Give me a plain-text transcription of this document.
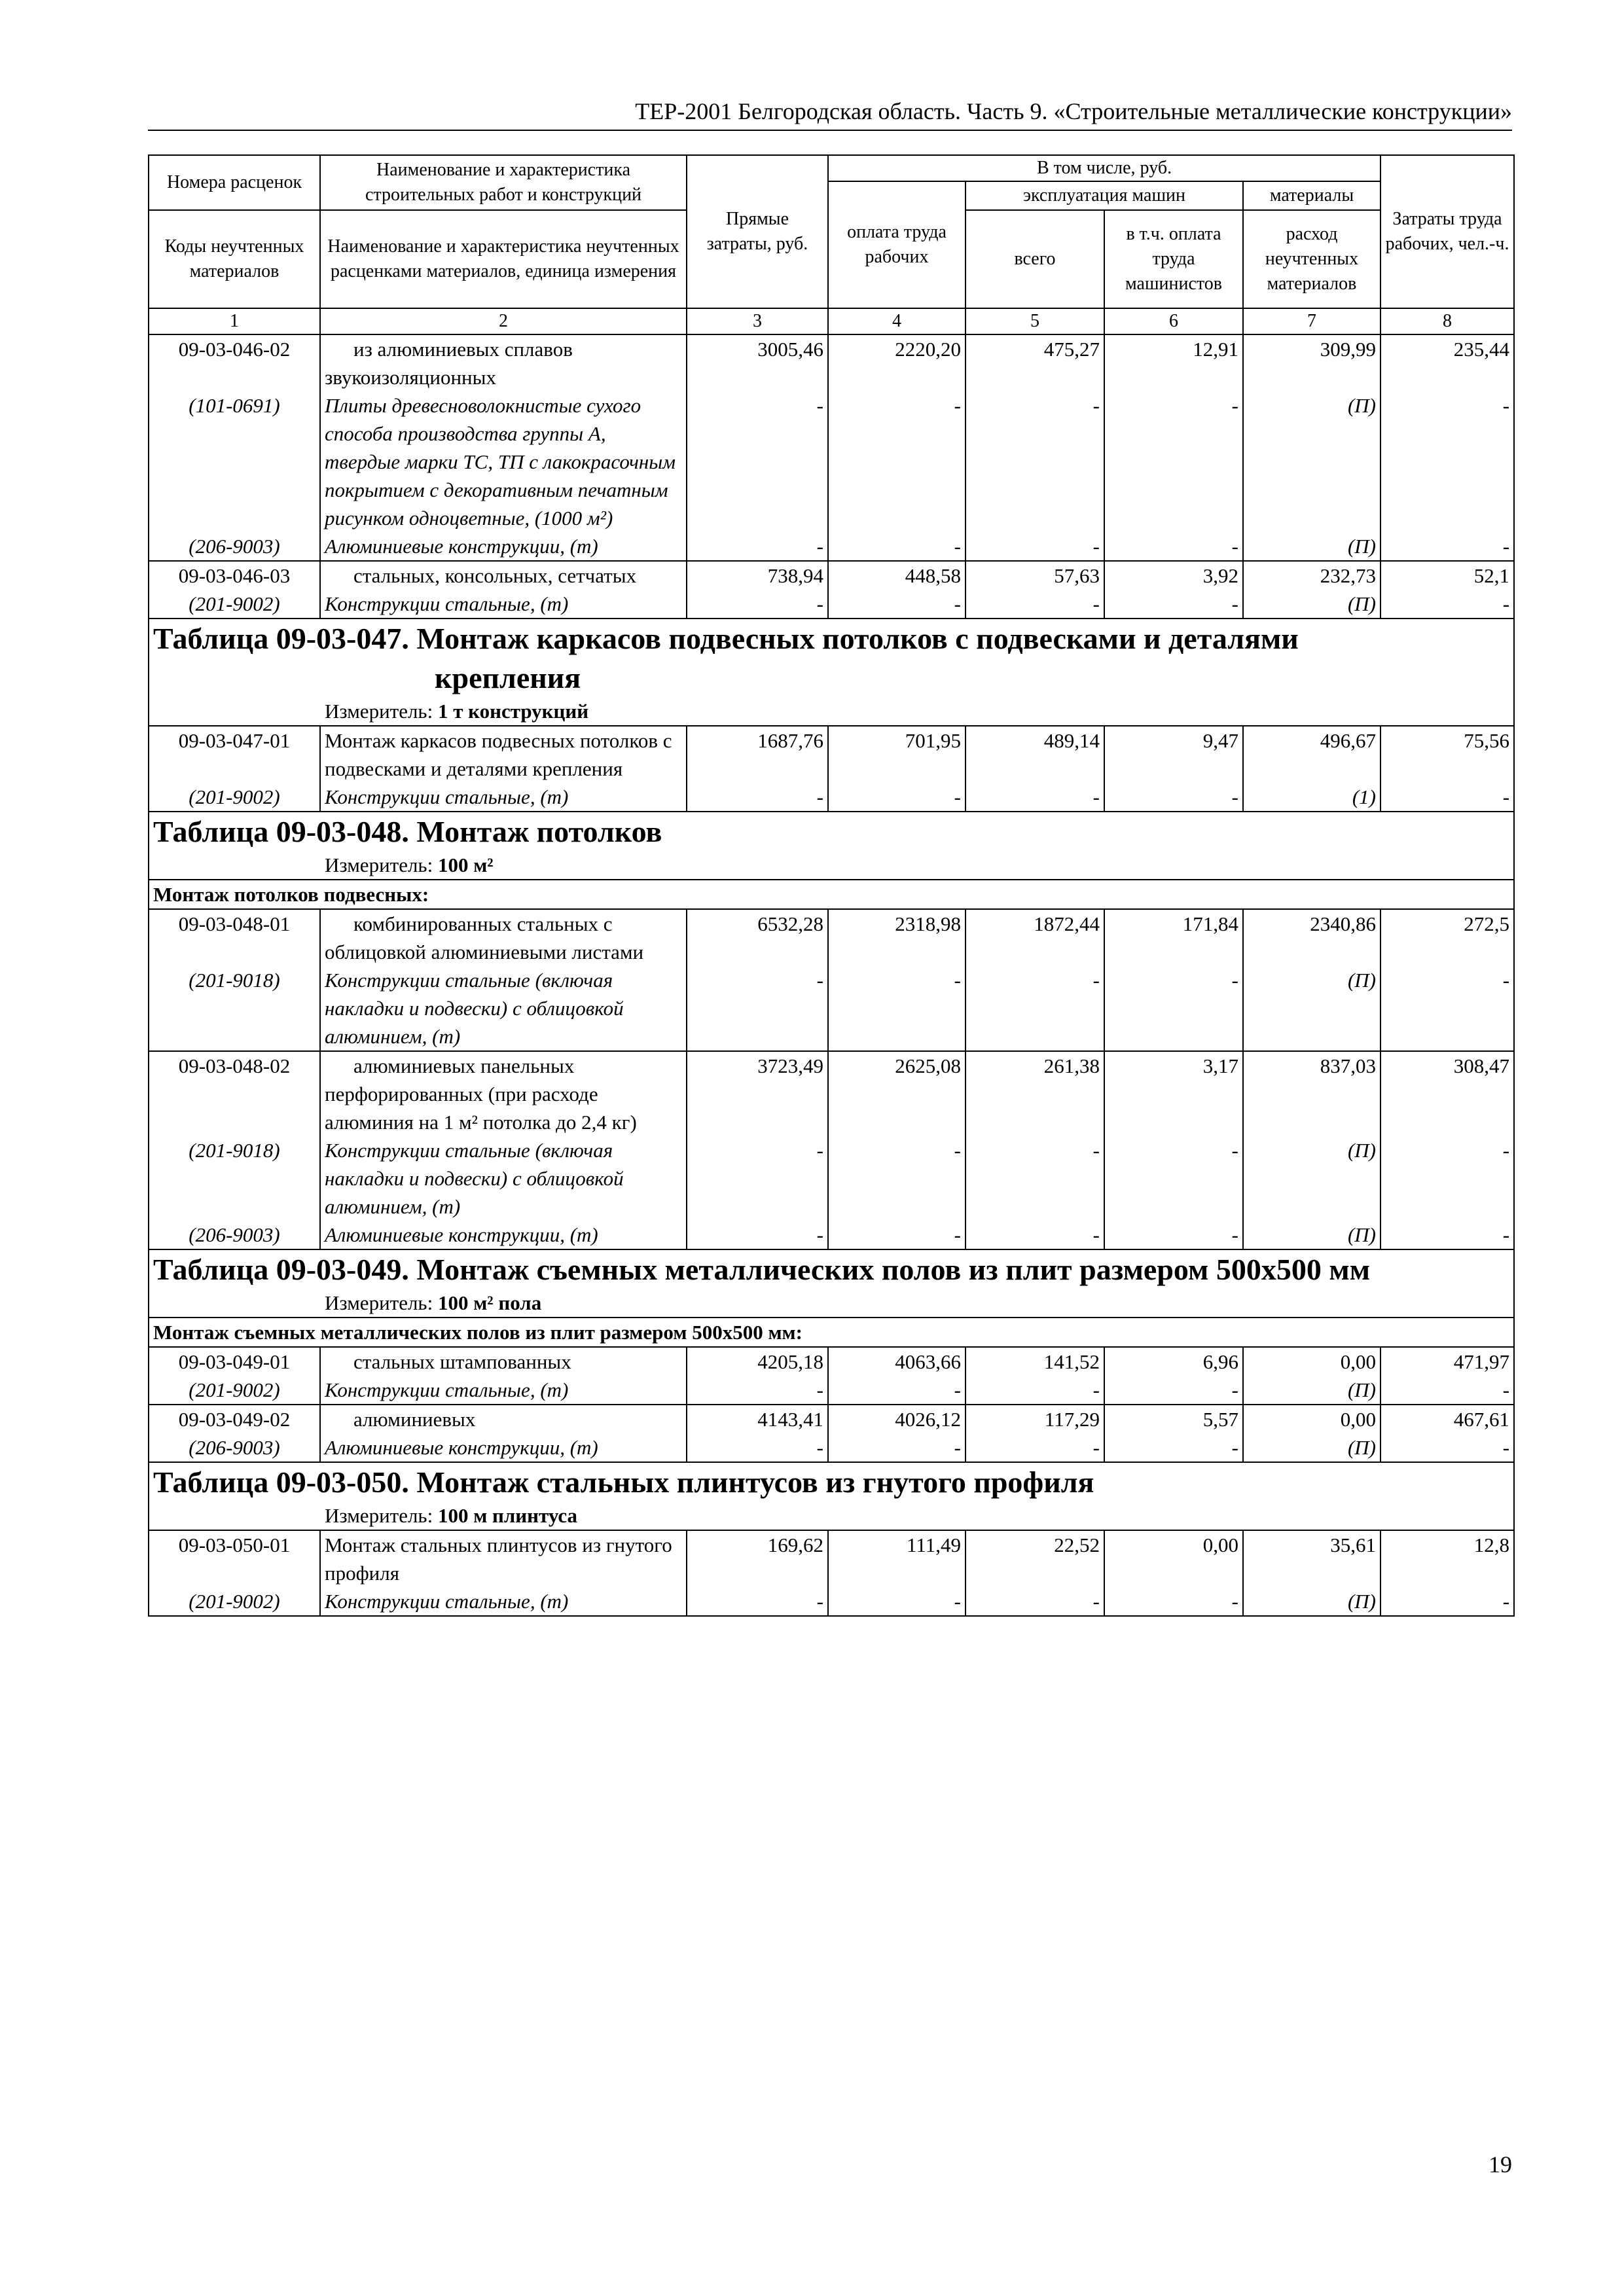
ТЕР-2001 Белгородская область. Часть 9. «Строительные металлические конструкции»
Номера расценок	Наименование и характеристика строительных работ и конструкций	Прямые затраты, руб.	В том числе, руб.				Затраты труда рабочих, чел.-ч.
			оплата труда рабочих	эксплуатация машин		материалы	
Коды неучтенных материалов	Наименование и характеристика неучтенных расценками материалов, единица измерения			всего	в т.ч. оплата труда машинистов	расход неучтенных материалов	
1	2	3	4	5	6	7	8
09-03-046-02	из алюминиевых сплавов звукоизоляционных	3005,46	2220,20	475,27	12,91	309,99	235,44
(101-0691)	Плиты древесноволокнистые сухого способа производства группы А, твердые марки ТС, ТП с лакокрасочным покрытием с декоративным печатным рисунком одноцветные, (1000 м²)	-	-	-	-	(П)	-
(206-9003)	Алюминиевые конструкции, (т)	-	-	-	-	(П)	-
09-03-046-03	стальных, консольных, сетчатых	738,94	448,58	57,63	3,92	232,73	52,1
(201-9002)	Конструкции стальные, (т)	-	-	-	-	(П)	-

Таблица 09-03-047. Монтаж каркасов подвесных потолков с подвесками и деталями
крепления
Измеритель: 1 т конструкций							

09-03-047-01	Монтаж каркасов подвесных потолков с подвесками и деталями крепления	1687,76	701,95	489,14	9,47	496,67	75,56
(201-9002)	Конструкции стальные, (т)	-	-	-	-	(1)	-

Таблица 09-03-048. Монтаж потолков
Измеритель: 100 м²							

Монтаж потолков подвесных:							
09-03-048-01	комбинированных стальных с облицовкой алюминиевыми листами	6532,28	2318,98	1872,44	171,84	2340,86	272,5
(201-9018)	Конструкции стальные (включая накладки и подвески) с облицовкой алюминием, (т)	-	-	-	-	(П)	-
09-03-048-02	алюминиевых панельных перфорированных (при расходе алюминия на 1 м² потолка до 2,4 кг)	3723,49	2625,08	261,38	3,17	837,03	308,47
(201-9018)	Конструкции стальные (включая накладки и подвески) с облицовкой алюминием, (т)	-	-	-	-	(П)	-
(206-9003)	Алюминиевые конструкции, (т)	-	-	-	-	(П)	-

Таблица 09-03-049. Монтаж съемных металлических полов из плит размером 500х500 мм
Измеритель: 100 м² пола							

Монтаж съемных металлических полов из плит размером 500х500 мм:							
09-03-049-01	стальных штампованных	4205,18	4063,66	141,52	6,96	0,00	471,97
(201-9002)	Конструкции стальные, (т)	-	-	-	-	(П)	-
09-03-049-02	алюминиевых	4143,41	4026,12	117,29	5,57	0,00	467,61
(206-9003)	Алюминиевые конструкции, (т)	-	-	-	-	(П)	-

Таблица 09-03-050. Монтаж стальных плинтусов из гнутого профиля
Измеритель: 100 м плинтуса							

09-03-050-01	Монтаж стальных плинтусов из гнутого профиля	169,62	111,49	22,52	0,00	35,61	12,8
(201-9002)	Конструкции стальные, (т)	-	-	-	-	(П)	-
19
